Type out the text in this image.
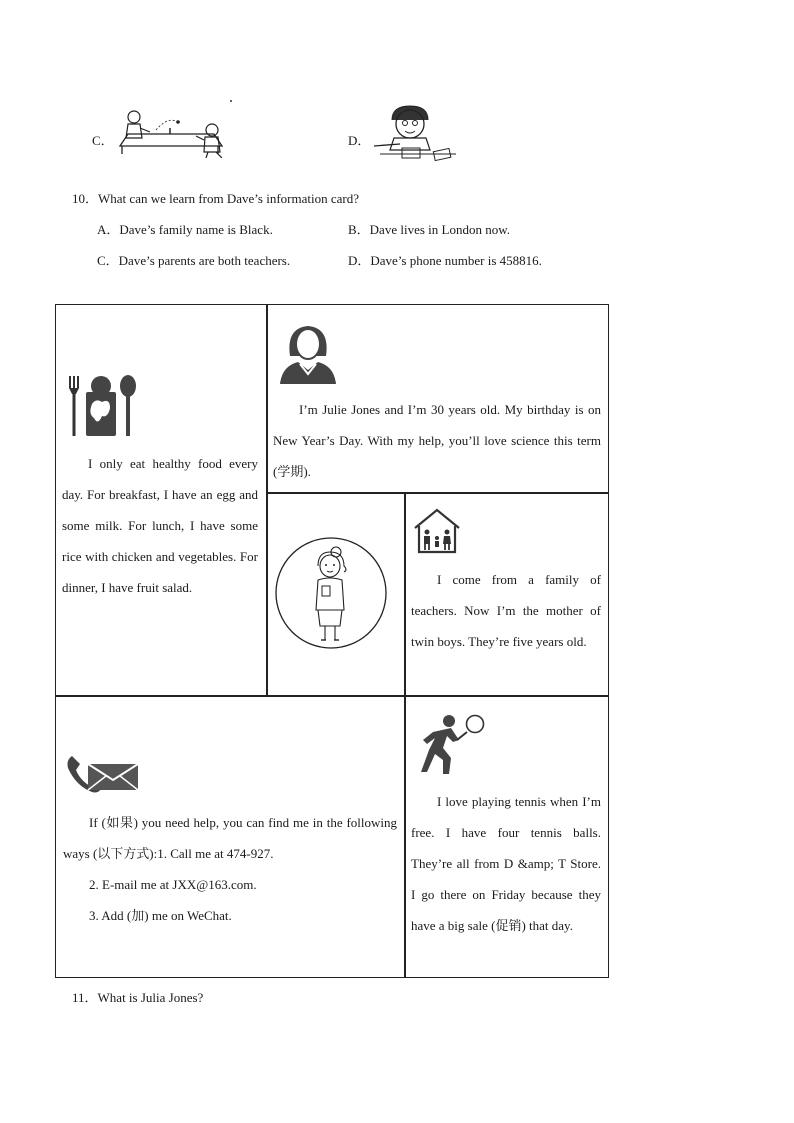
C．	D．
10．What can we learn from Dave’s information card?
A．Dave’s family name is Black.	B．Dave lives in London now.
C．Dave’s parents are both teachers.	D．Dave’s phone number is 458816.
I only eat healthy food every day. For breakfast, I have an egg and some milk. For lunch, I have some rice with chicken and vegetables. For dinner, I have fruit salad.
I’m Julie Jones and I’m 30 years old. My birthday is on New Year’s Day. With my help, you’ll love science this term (学期).
I come from a family of teachers. Now I’m the mother of twin boys. They’re five years old.

If (如果) you need help, you can find me in the following ways (以下方式):1. Call me at 474-927.

2. E-mail me at JXX@163.com.

3. Add (加) me on WeChat.

I love playing tennis when I’m free. I have four tennis balls. They’re all from D &amp; T Store. I go there on Friday because they have a big sale (促销) that day.
11．What is Julia Jones?
